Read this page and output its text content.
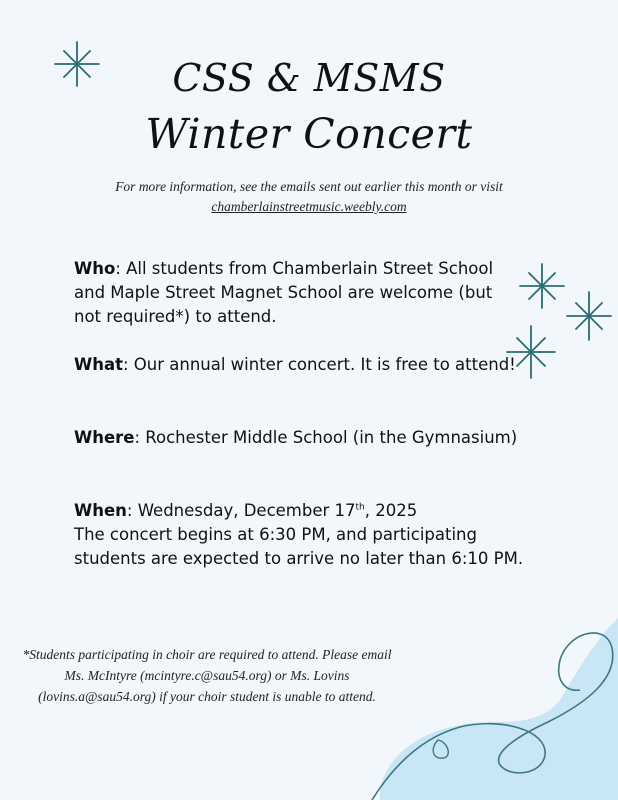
CSS & MSMS
Winter Concert

For more information, see the emails sent out earlier this month or visit chamberlainstreetmusic.weebly.com

Who: All students from Chamberlain Street School and Maple Street Magnet School are welcome (but not required*) to attend.

What: Our annual winter concert. It is free to attend!

Where: Rochester Middle School (in the Gymnasium)

When: Wednesday, December 17th, 2025
The concert begins at 6:30 PM, and participating students are expected to arrive no later than 6:10 PM.

*Students participating in choir are required to attend. Please email Ms. McIntyre (mcintyre.c@sau54.org) or Ms. Lovins (lovins.a@sau54.org) if your choir student is unable to attend.
